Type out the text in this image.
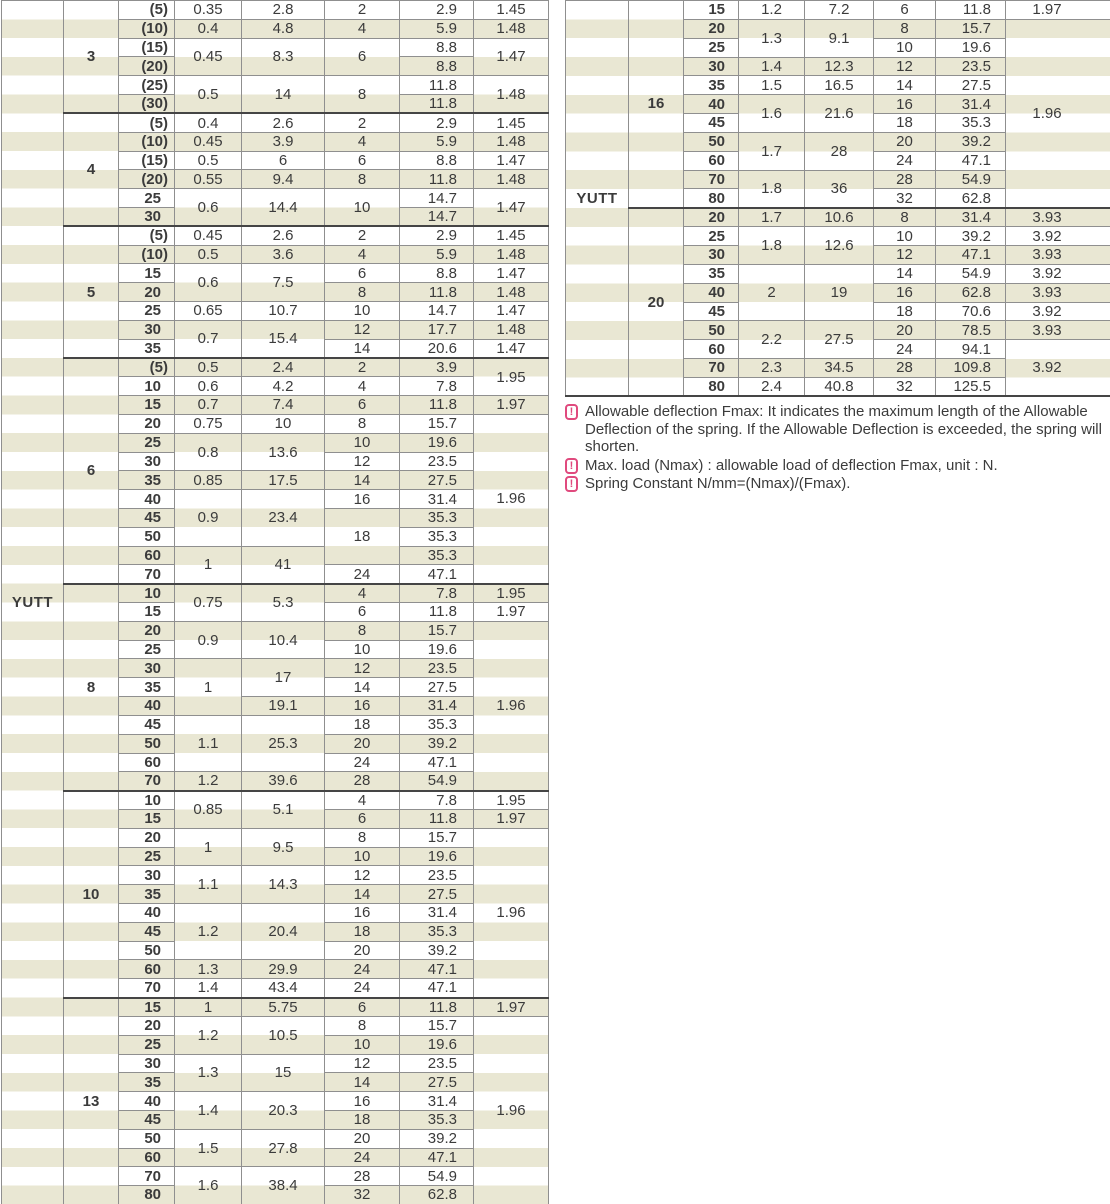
YUTT	3	(5)	0.35	2.8	2	2.9	1.45
		(10)	0.4	4.8	4	5.9	1.48
		(15)	0.45	8.3	6	8.8	1.47
		(20)				8.8	
		(25)	0.5	14	8	11.8	1.48
		(30)				11.8	
	4	(5)	0.4	2.6	2	2.9	1.45
		(10)	0.45	3.9	4	5.9	1.48
		(15)	0.5	6	6	8.8	1.47
		(20)	0.55	9.4	8	11.8	1.48
		25	0.6	14.4	10	14.7	1.47
		30				14.7	
	5	(5)	0.45	2.6	2	2.9	1.45
		(10)	0.5	3.6	4	5.9	1.48
		15	0.6	7.5	6	8.8	1.47
		20			8	11.8	1.48
		25	0.65	10.7	10	14.7	1.47
		30	0.7	15.4	12	17.7	1.48
		35			14	20.6	1.47
	6	(5)	0.5	2.4	2	3.9	1.95
		10	0.6	4.2	4	7.8	
		15	0.7	7.4	6	11.8	1.97
		20	0.75	10	8	15.7	1.96
		25	0.8	13.6	10	19.6	
		30			12	23.5	
		35	0.85	17.5	14	27.5	
		40	0.9	23.4	16	31.4	
		45			18	35.3	
		50				35.3	
		60	1	41		35.3	
		70			24	47.1	
	8	10	0.75	5.3	4	7.8	1.95
		15			6	11.8	1.97
		20	0.9	10.4	8	15.7	1.96
		25			10	19.6	
		30	1	17	12	23.5	
		35			14	27.5	
		40		19.1	16	31.4	
		45	1.1	25.3	18	35.3	
		50			20	39.2	
		60			24	47.1	
		70	1.2	39.6	28	54.9	
	10	10	0.85	5.1	4	7.8	1.95
		15			6	11.8	1.97
		20	1	9.5	8	15.7	1.96
		25			10	19.6	
		30	1.1	14.3	12	23.5	
		35			14	27.5	
		40	1.2	20.4	16	31.4	
		45			18	35.3	
		50			20	39.2	
		60	1.3	29.9	24	47.1	
		70	1.4	43.4	24	47.1	
	13	15	1	5.75	6	11.8	1.97
		20	1.2	10.5	8	15.7	1.96
		25			10	19.6	
		30	1.3	15	12	23.5	
		35			14	27.5	
		40	1.4	20.3	16	31.4	
		45			18	35.3	
		50	1.5	27.8	20	39.2	
		60			24	47.1	
		70	1.6	38.4	28	54.9	
		80			32	62.8	
YUTT	16	15	1.2	7.2	6	11.8	1.97
		20	1.3	9.1	8	15.7	1.96
		25			10	19.6	
		30	1.4	12.3	12	23.5	
		35	1.5	16.5	14	27.5	
		40	1.6	21.6	16	31.4	
		45			18	35.3	
		50	1.7	28	20	39.2	
		60			24	47.1	
		70	1.8	36	28	54.9	
		80			32	62.8	
	20	20	1.7	10.6	8	31.4	3.93
		25	1.8	12.6	10	39.2	3.92
		30			12	47.1	3.93
		35	2	19	14	54.9	3.92
		40			16	62.8	3.93
		45			18	70.6	3.92
		50	2.2	27.5	20	78.5	3.93
		60			24	94.1	3.92
		70	2.3	34.5	28	109.8	
		80	2.4	40.8	32	125.5	
! Allowable deflection Fmax: It indicates the maximum length of the Allowable Deflection of the spring. If the Allowable Deflection is exceeded, the spring will shorten.
! Max. load (Nmax) : allowable load of deflection Fmax, unit : N.
! Spring Constant N/mm=(Nmax)/(Fmax).
